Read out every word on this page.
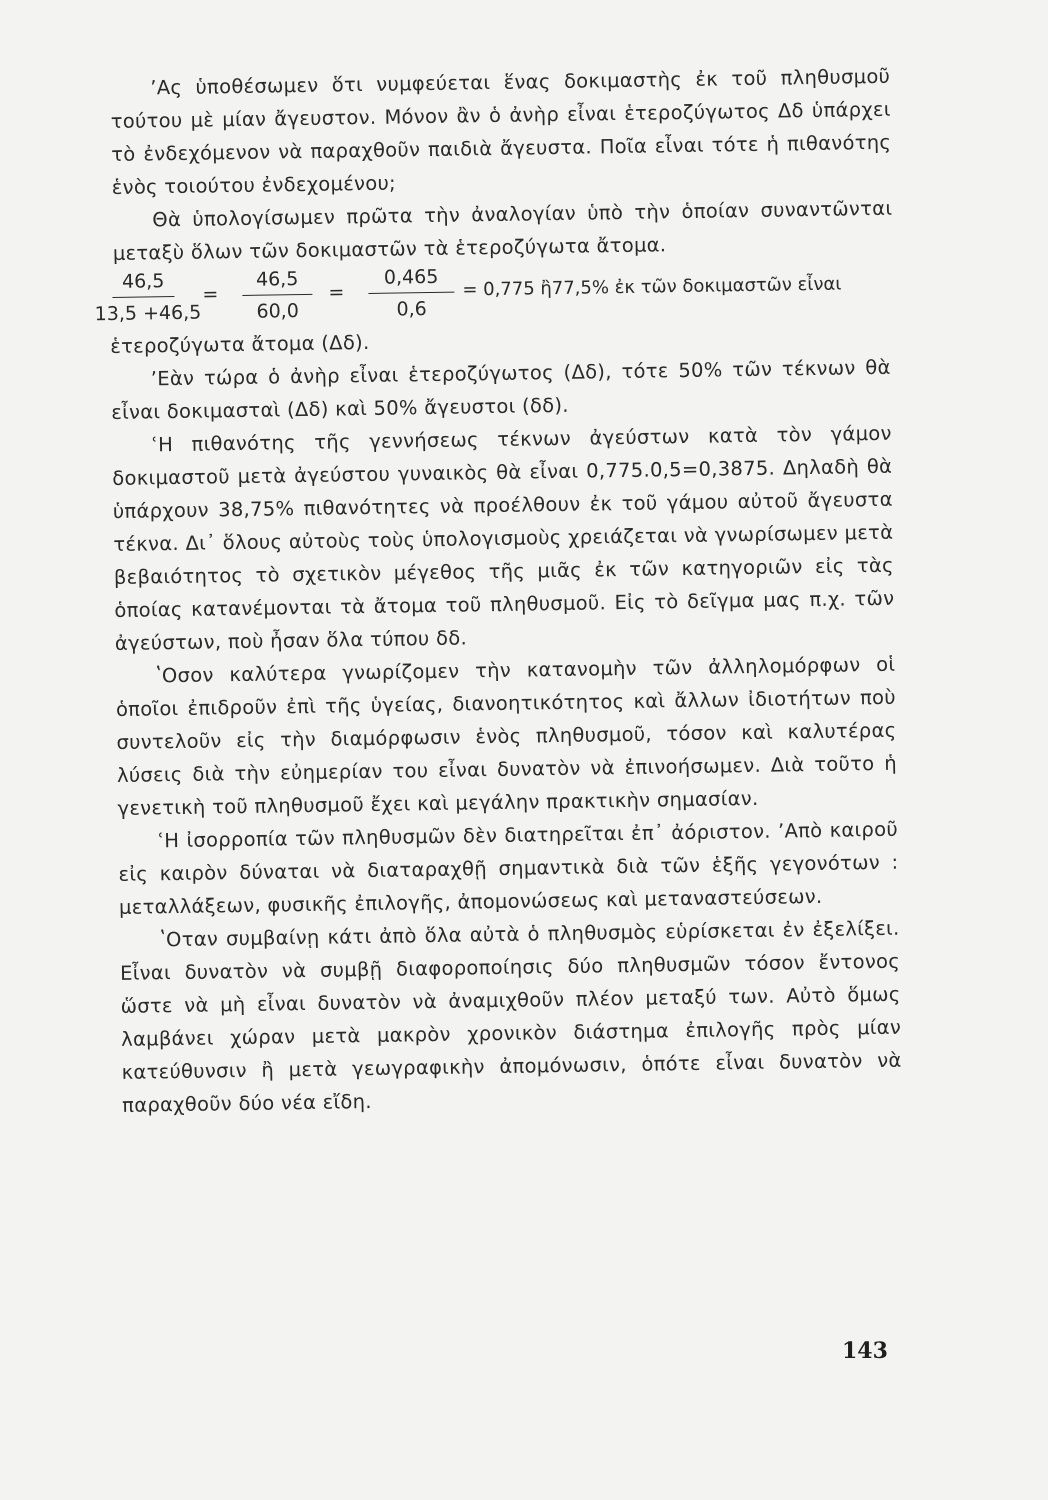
ʼΑς ὑποθέσωμεν ὅτι νυμφεύεται ἕνας δοκιμαστὴς ἐκ τοῦ πληθυσμοῦ τούτου μὲ μίαν ἄγευστον. Μόνον ἂν ὁ ἀνὴρ εἶναι ἑτεροζύγωτος Δδ ὑπάρχει τὸ ἐνδεχόμενον νὰ παραχθοῦν παιδιὰ ἄγευστα. Ποῖα εἶναι τότε ἡ πιθανότης ἑνὸς τοιούτου ἐνδεχομένου;

Θὰ ὑπολογίσωμεν πρῶτα τὴν ἀναλογίαν ὑπὸ τὴν ὁποίαν συναντῶνται μεταξὺ ὅλων τῶν δοκιμαστῶν τὰ ἑτεροζύγωτα ἄτομα.

$\frac{46,5}{13,5 +46,5}$	= $\frac{46,5}{60,0} = \frac{0,465}{0,6} = 0,775$ ἢ77,5% ἐκ τῶν δοκιμαστῶν εἶναι

ἑτεροζύγωτα ἄτομα (Δδ).

ʼΕὰν τώρα ὁ ἀνὴρ εἶναι ἑτεροζύγωτος (Δδ), τότε 50% τῶν τέκνων θὰ εἶναι δοκιμασταὶ (Δδ) καὶ 50% ἄγευστοι (δδ).

ʿΗ πιθανότης τῆς γεννήσεως τέκνων ἀγεύστων κατὰ τὸν γάμον δοκιμαστοῦ μετὰ ἀγεύστου γυναικὸς θὰ εἶναι 0,775.0,5=0,3875. Δηλαδὴ θὰ ὑπάρχουν 38,75% πιθανότητες νὰ προέλθουν ἐκ τοῦ γάμου αὐτοῦ ἄγευστα τέκνα. Δι᾽ ὅλους αὐτοὺς τοὺς ὑπολογισμοὺς χρειάζεται νὰ γνωρίσωμεν μετὰ βεβαιότητος τὸ σχετικὸν μέγεθος τῆς μιᾶς ἐκ τῶν κατηγοριῶν εἰς τὰς ὁποίας κατανέμονται τὰ ἄτομα τοῦ πληθυσμοῦ. Εἰς τὸ δεῖγμα μας π.χ. τῶν ἀγεύστων, ποὺ ἦσαν ὅλα τύπου δδ.

ʽΟσον καλύτερα γνωρίζομεν τὴν κατανομὴν τῶν ἀλληλομόρφων οἱ ὁποῖοι ἐπιδροῦν ἐπὶ τῆς ὑγείας, διανοητικότητος καὶ ἄλλων ἰδιοτήτων ποὺ συντελοῦν εἰς τὴν διαμόρφωσιν ἑνὸς πληθυσμοῦ, τόσον καὶ καλυτέρας λύσεις διὰ τὴν εὐημερίαν του εἶναι δυνατὸν νὰ ἐπινοήσωμεν. Διὰ τοῦτο ἡ γενετικὴ τοῦ πληθυσμοῦ ἔχει καὶ μεγάλην πρακτικὴν σημασίαν.

ʿΗ ἰσορροπία τῶν πληθυσμῶν δὲν διατηρεῖται ἐπ᾽ ἀόριστον. ʼΑπὸ καιροῦ εἰς καιρὸν δύναται νὰ διαταραχθῇ σημαντικὰ διὰ τῶν ἑξῆς γεγονότων : μεταλλάξεων, φυσικῆς ἐπιλογῆς, ἀπομονώσεως καὶ μεταναστεύσεων.

ʽΟταν συμβαίνῃ κάτι ἀπὸ ὅλα αὐτὰ ὁ πληθυσμὸς εὑρίσκεται ἐν ἐξελίξει. Εἶναι δυνατὸν νὰ συμβῇ διαφοροποίησις δύο πληθυσμῶν τόσον ἔντονος ὥστε νὰ μὴ εἶναι δυνατὸν νὰ ἀναμιχθοῦν πλέον μεταξύ των. Αὐτὸ ὅμως λαμβάνει χώραν μετὰ μακρὸν χρονικὸν διάστημα ἐπιλογῆς πρὸς μίαν κατεύθυνσιν ἢ μετὰ γεωγραφικὴν ἀπομόνωσιν, ὁπότε εἶναι δυνατὸν νὰ παραχθοῦν δύο νέα εἴδη.

143
